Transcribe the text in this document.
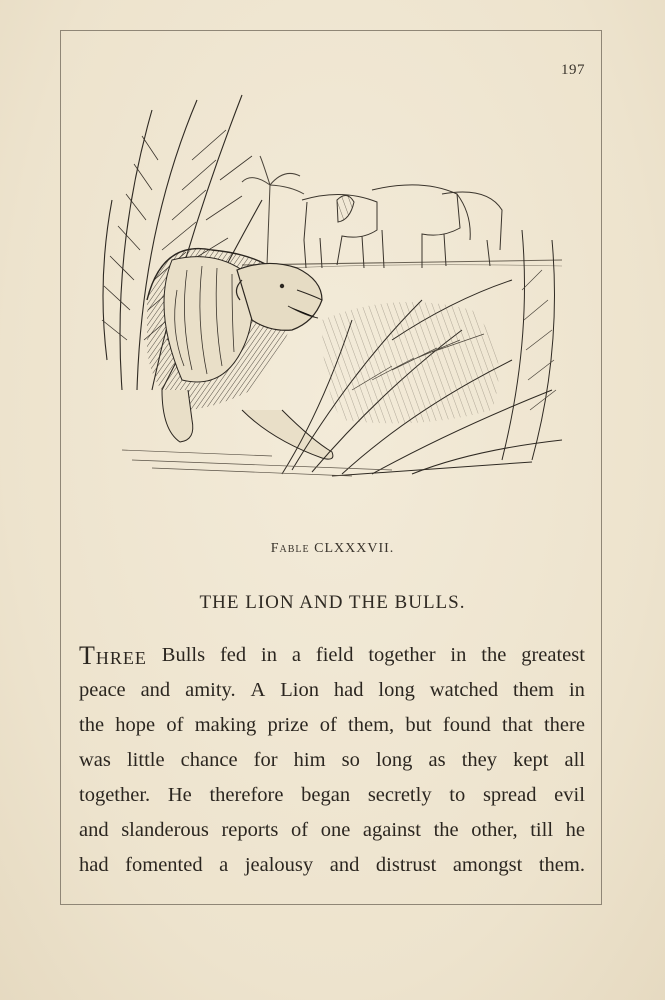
197
Fable CLXXXVII.
THE LION AND THE BULLS.
Three Bulls fed in a field together in the greatest
peace and amity. A Lion had long watched them in
the hope of making prize of them, but found that there
was little chance for him so long as they kept all
together. He therefore began secretly to spread evil
and slanderous reports of one against the other, till he
had fomented a jealousy and distrust amongst them.
